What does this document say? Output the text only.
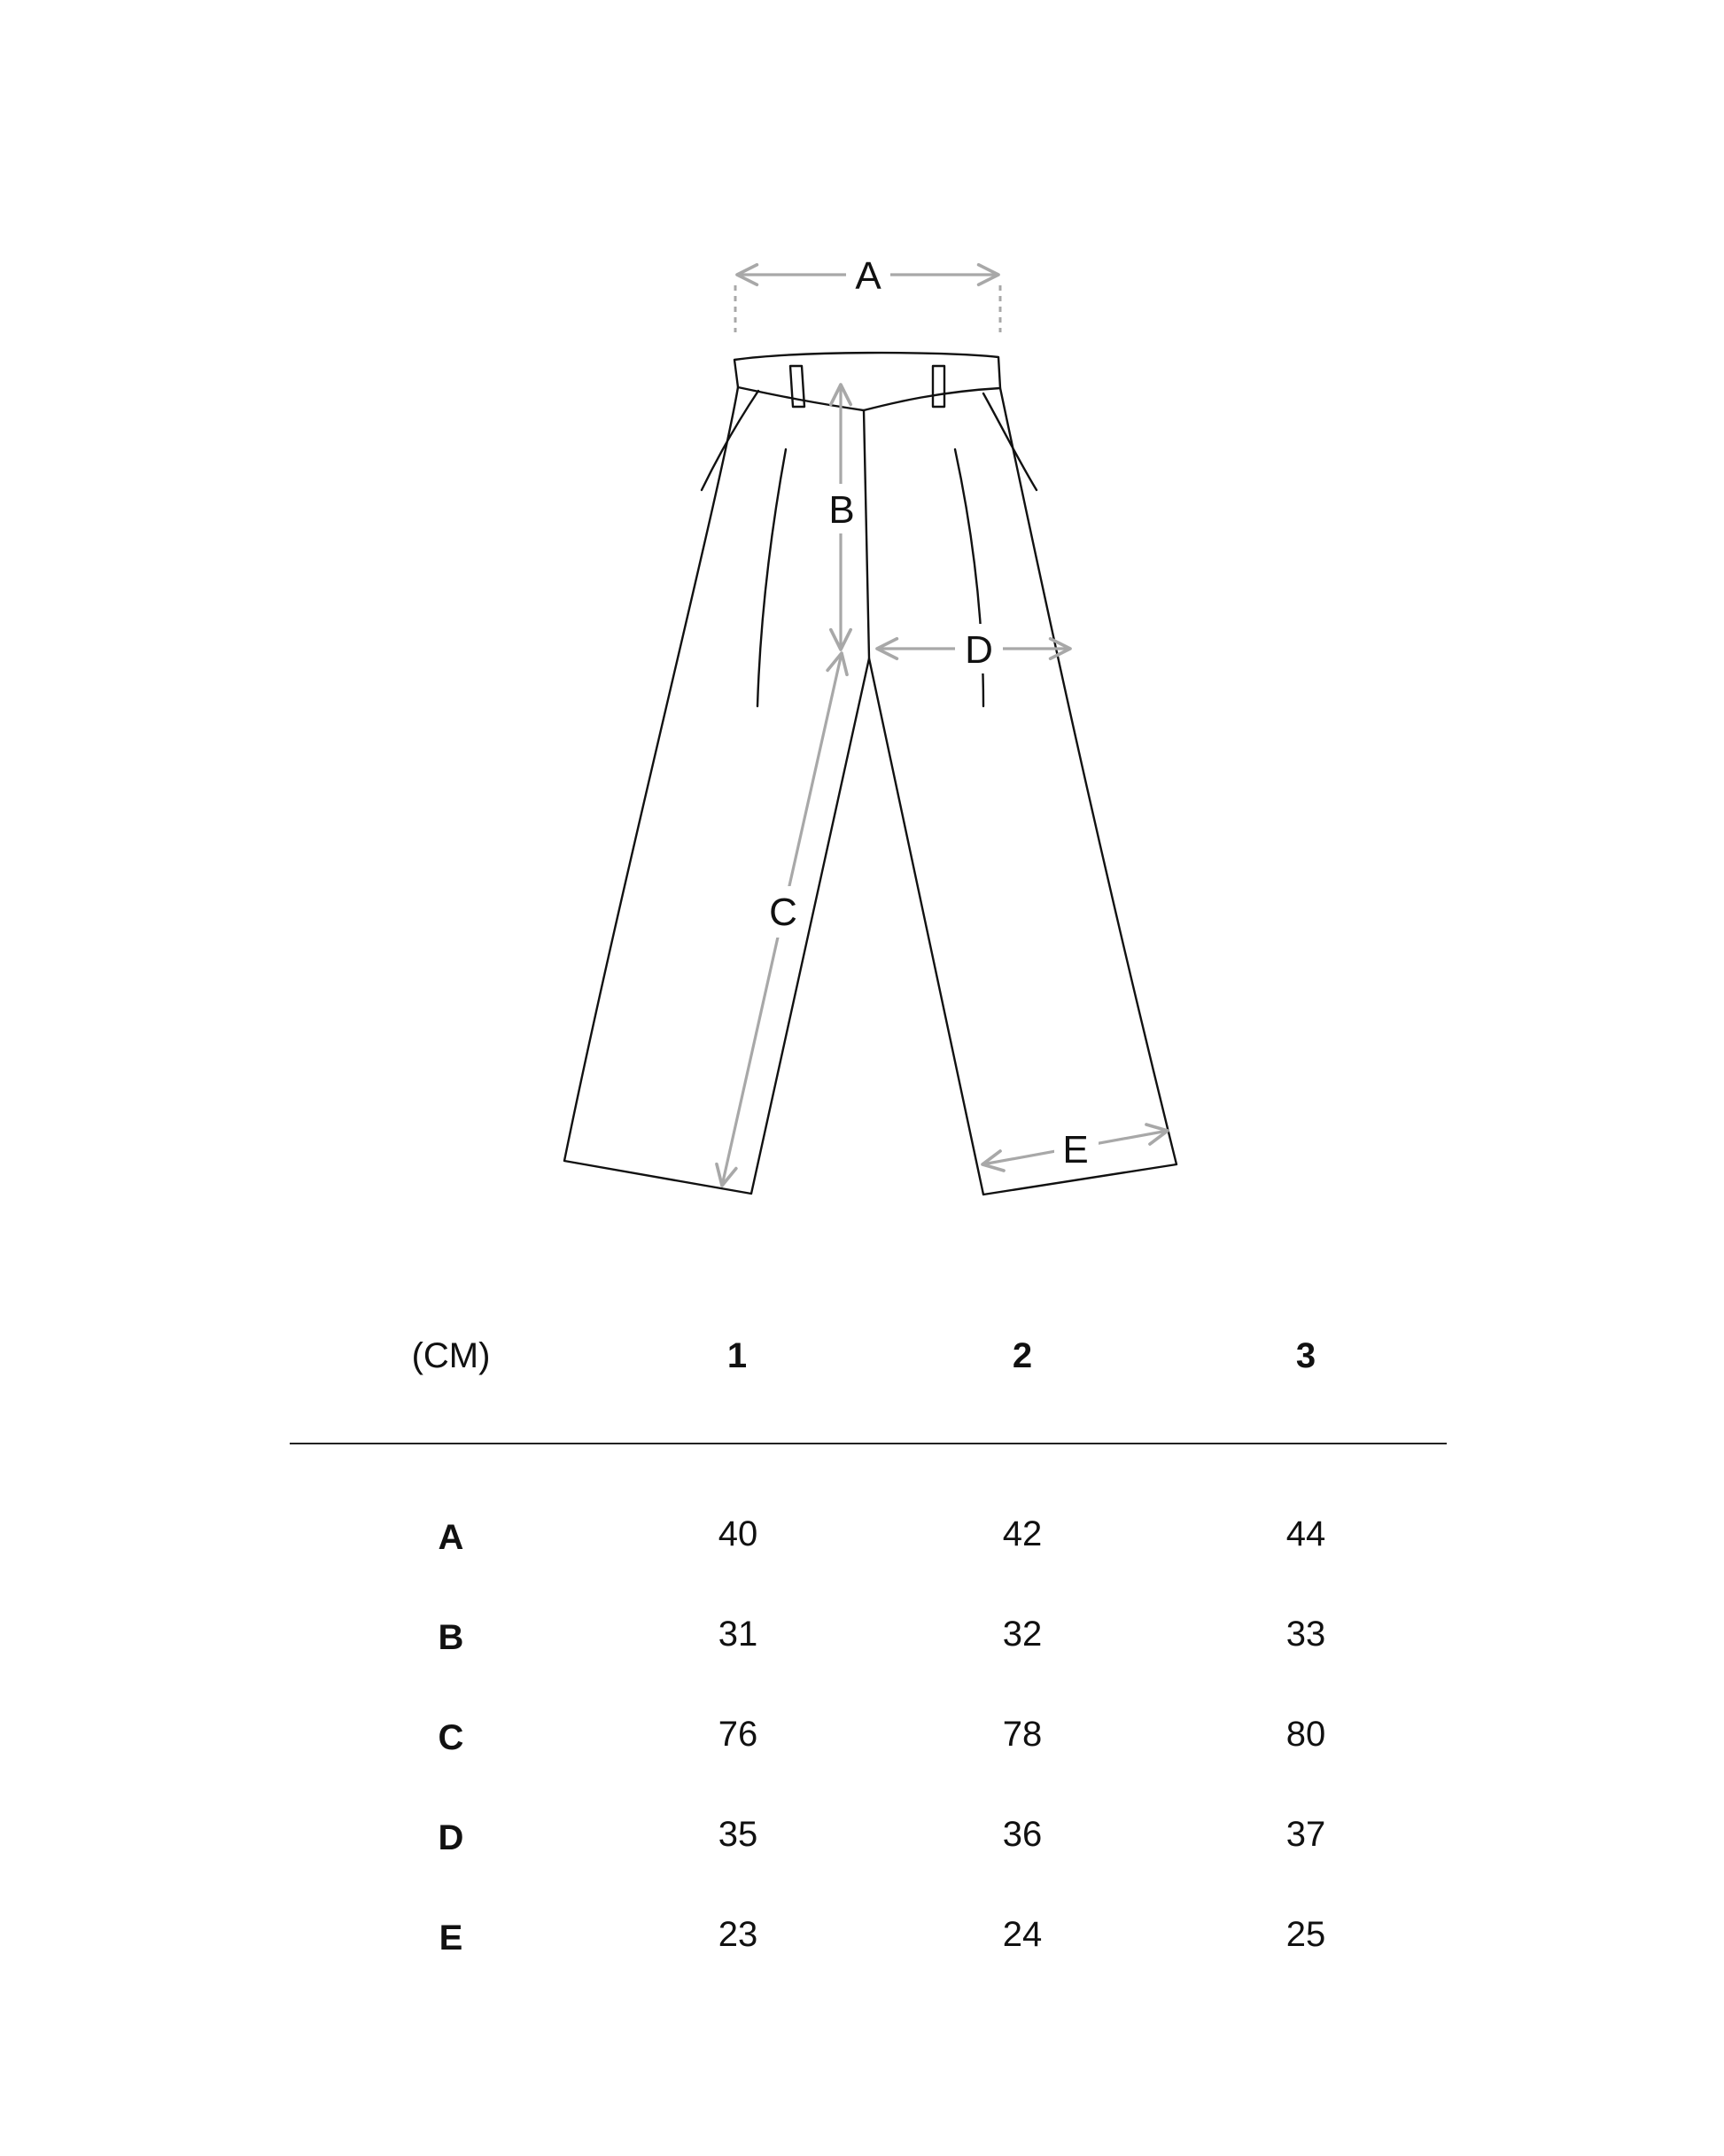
A
B
C
D
E
(CM)	1	2	3
A	40	42	44
B	31	32	33
C	76	78	80
D	35	36	37
E	23	24	25
